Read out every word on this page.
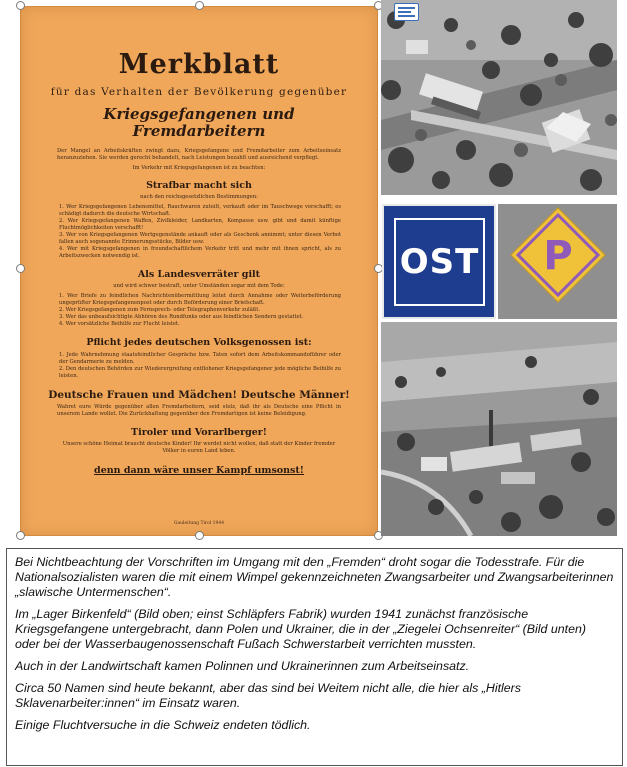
Merkblatt
für das Verhalten der Bevölkerung gegenüber
Kriegsgefangenen und
Fremdarbeitern
Der Mangel an Arbeitskräften zwingt dazu, Kriegsgefangene und Fremdarbeiter zum Arbeitseinsatz heranzuziehen. Sie werden gerecht behandelt, nach Leistungen bezahlt und ausreichend verpflegt.
Im Verkehr mit Kriegsgefangenen ist zu beachten:
Strafbar macht sich
nach den reichsgesetzlichen Bestimmungen:
1. Wer Kriegsgefangenen Lebensmittel, Rauchwaren zuteilt, verkauft oder im Tauschwege verschafft; es schädigt dadurch die deutsche Wirtschaft.
2. Wer Kriegsgefangenen Waffen, Zivilkleider, Landkarten, Kompasse usw. gibt und damit künftige Fluchtmöglichkeiten verschafft!
3. Wer von Kriegsgefangenen Wertgegenstände ankauft oder als Geschenk annimmt; unter diesen Verbot fallen auch sogenannte Erinnerungsstücke, Bilder usw.
4. Wer mit Kriegsgefangenen in freundschaftlichem Verkehr tritt und mehr mit ihnen spricht, als zu Arbeitszwecken notwendig ist.
Als Landesverräter gilt
und wird schwer bestraft, unter Umständen sogar mit dem Tode:
1. Wer Briefe zu feindlichen Nachrichtenübermittlung leitet durch Annahme oder Weiterbeförderung ungeprüfter Kriegsgefangenenpost oder durch Beförderung einer Briefschaft.
2. Wer Kriegsgefangenen zum Fernsprech- oder Telegraphenverkehr zuläßt.
3. Wer das unbeaufsichtigte Abhören des Rundfunks oder aus feindlichen Sendern gestattet.
4. Wer vorsätzliche Beihilfe zur Flucht leistet.
Pflicht jedes deutschen Volksgenossen ist:
1. Jede Wahrnehmung staatsfeindlicher Gespräche bzw. Taten sofort dem Arbeitskommandoführer oder der Gendarmerie zu melden.
2. Den deutschen Behörden zur Wiederergreifung entflohener Kriegsgefangener jede mögliche Beihilfe zu leisten.
Deutsche Frauen und Mädchen! Deutsche Männer!
Wahret eure Würde gegenüber allen Fremdarbeitern, seid stolz, daß ihr als Deutsche eine Pflicht in unserem Lande wollet. Die Zurückhaltung gegenüber den Fremdartigen ist keine Beleidigung.
Tiroler und Vorarlberger!
Unsere schöne Heimat braucht deutsche Kinder! Ihr werdet nicht wollen, daß statt der Kinder fremder Völker in euren Land leben.
denn dann wäre unser Kampf umsonst!
Gauleitung Tirol 1944
OST P

Bei Nichtbeachtung der Vorschriften im Umgang mit den „Fremden“ droht sogar die Todesstrafe. Für die Nationalsozialisten waren die mit einem Wimpel gekennzeichneten Zwangsarbeiter und Zwangsarbeiterinnen „slawische Untermenschen“.

Im „Lager Birkenfeld“ (Bild oben; einst Schläpfers Fabrik) wurden 1941 zunächst französische Kriegsgefangene untergebracht, dann Polen und Ukrainer, die in der „Ziegelei Ochsenreiter“ (Bild unten) oder bei der Wasserbaugenossenschaft Fußach Schwerstarbeit verrichten mussten.

Auch in der Landwirtschaft kamen Polinnen und Ukrainerinnen zum Arbeitseinsatz.

Circa 50 Namen sind heute bekannt, aber das sind bei Weitem nicht alle, die hier als „Hitlers Sklavenarbeiter:innen“ im Einsatz waren.

Einige Fluchtversuche in die Schweiz endeten tödlich.
